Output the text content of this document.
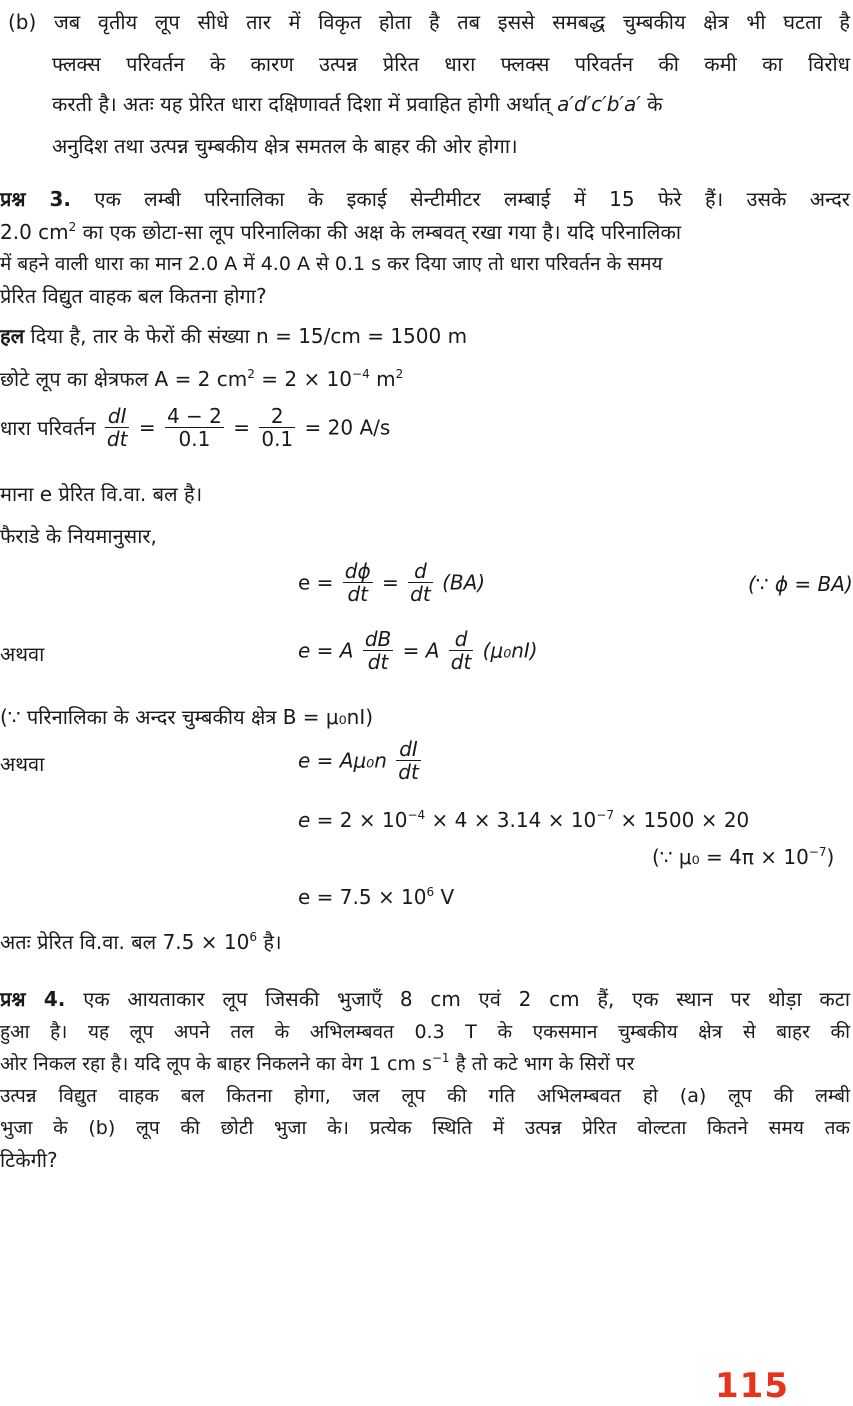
(b) जब वृतीय लूप सीधे तार में विकृत होता है तब इससे समबद्ध चुम्बकीय क्षेत्र भी घटता है
फ्लक्स परिवर्तन के कारण उत्पन्न प्रेरित धारा फ्लक्स परिवर्तन की कमी का विरोध
करती है। अतः यह प्रेरित धारा दक्षिणावर्त दिशा में प्रवाहित होगी अर्थात् a′d′c′b′a′ के
अनुदिश तथा उत्पन्न चुम्बकीय क्षेत्र समतल के बाहर की ओर होगा।
प्रश्न 3. एक लम्बी परिनालिका के इकाई सेन्टीमीटर लम्बाई में 15 फेरे हैं। उसके अन्दर
2.0 $cm^2$ का एक छोटा-सा लूप परिनालिका की अक्ष के लम्बवत् रखा गया है। यदि परिनालिका
में बहने वाली धारा का मान 2.0 A में 4.0 A से 0.1 s कर दिया जाए तो धारा परिवर्तन के समय
प्रेरित विद्युत वाहक बल कितना होगा?
हल दिया है, तार के फेरों की संख्या n = 15/cm = 1500 m
छोटे लूप का क्षेत्रफल A = 2 $cm^2 = 2 \times 10^{-4}$ $m^2$
धारा परिवर्तन $\frac{dI}{dt} = \frac{4 - 2}{0.1} = \frac{2}{0.1} = 20$ A/s
माना e प्रेरित वि.वा. बल है।
फैराडे के नियमानुसार,
$e = \frac{d\phi}{dt} = \frac{d}{dt} (BA)$	(∵ ϕ = BA)
अथवा	e = A $\frac{dB}{dt} = A \frac{d}{dt} (\mu_0nI)$
(∵ परिनालिका के अन्दर चुम्बकीय क्षेत्र B = μ₀nI)
अथवा	$e = A\mu_0n \frac{dI}{dt}$
$e = 2 \times 10^{-4} \times 4 \times 3.14 \times 10^{-7} \times 1500 \times 20$
(∵ $\mu_0 = 4\pi \times 10^{-7}$)
$e = 7.5 \times 10^6$ V
अतः प्रेरित वि.वा. बल $7.5 \times 10^6$ है।
प्रश्न 4. एक आयताकार लूप जिसकी भुजाएँ 8 cm एवं 2 cm हैं, एक स्थान पर थोड़ा कटा
हुआ है। यह लूप अपने तल के अभिलम्बवत 0.3 T के एकसमान चुम्बकीय क्षेत्र से बाहर की
ओर निकल रहा है। यदि लूप के बाहर निकलने का वेग 1 cm $s^{-1}$ है तो कटे भाग के सिरों पर
उत्पन्न विद्युत वाहक बल कितना होगा, जल लूप की गति अभिलम्बवत हो (a) लूप की लम्बी
भुजा के (b) लूप की छोटी भुजा के। प्रत्येक स्थिति में उत्पन्न प्रेरित वोल्टता कितने समय तक
टिकेगी?
115
